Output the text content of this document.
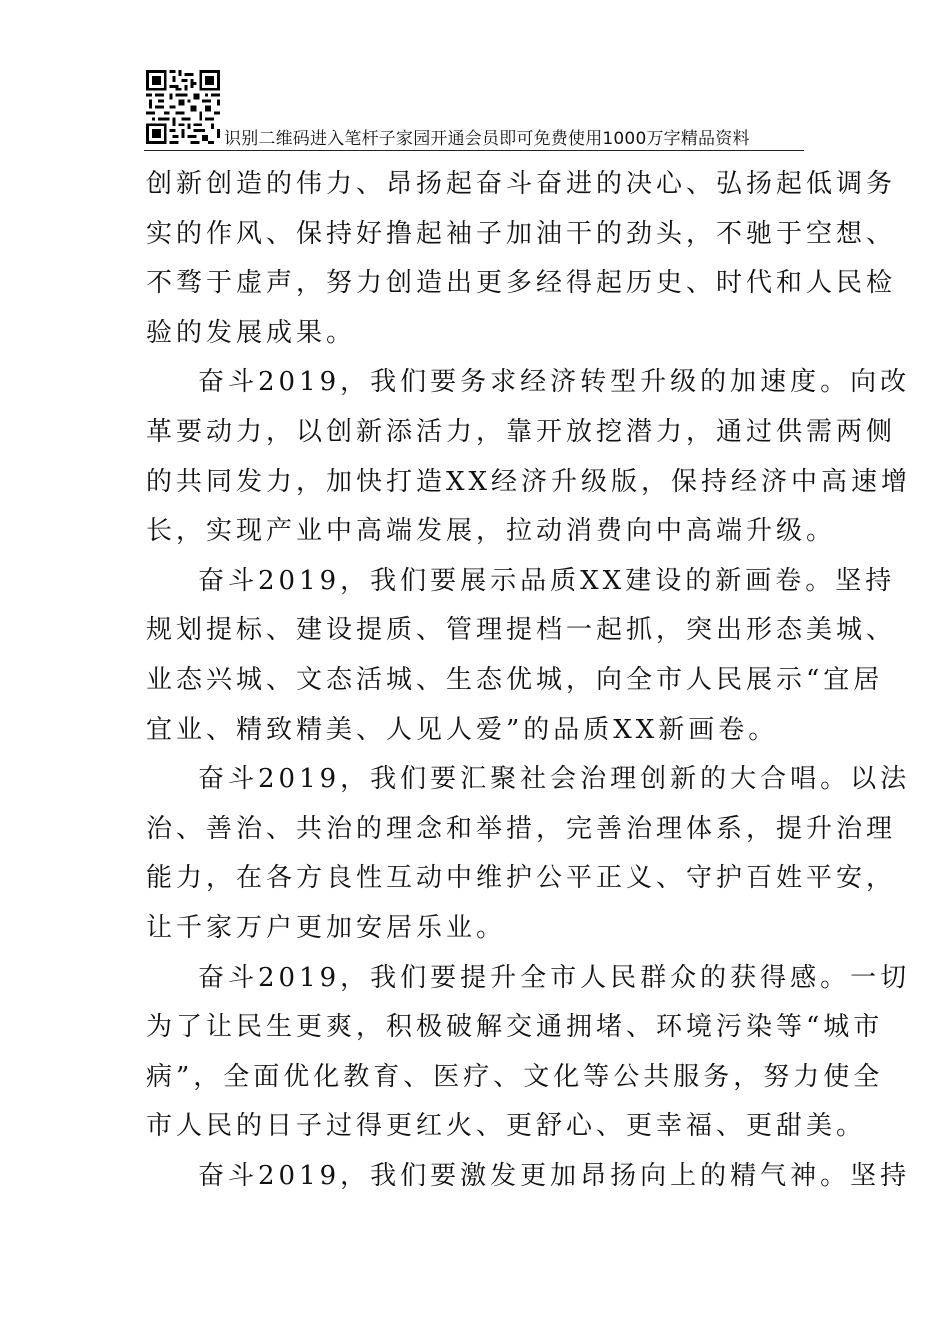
识别二维码进入笔杆子家园开通会员即可免费使用1000万字精品资料
创新创造的伟力、昂扬起奋斗奋进的决心、弘扬起低调务
实的作风、保持好撸起袖子加油干的劲头，不驰于空想、
不骛于虚声，努力创造出更多经得起历史、时代和人民检
验的发展成果。
奋斗2019，我们要务求经济转型升级的加速度。向改
革要动力，以创新添活力，靠开放挖潜力，通过供需两侧
的共同发力，加快打造XX经济升级版，保持经济中高速增
长，实现产业中高端发展，拉动消费向中高端升级。
奋斗2019，我们要展示品质XX建设的新画卷。坚持
规划提标、建设提质、管理提档一起抓，突出形态美城、
业态兴城、文态活城、生态优城，向全市人民展示“宜居
宜业、精致精美、人见人爱”的品质XX新画卷。
奋斗2019，我们要汇聚社会治理创新的大合唱。以法
治、善治、共治的理念和举措，完善治理体系，提升治理
能力，在各方良性互动中维护公平正义、守护百姓平安，
让千家万户更加安居乐业。
奋斗2019，我们要提升全市人民群众的获得感。一切
为了让民生更爽，积极破解交通拥堵、环境污染等“城市
病”，全面优化教育、医疗、文化等公共服务，努力使全
市人民的日子过得更红火、更舒心、更幸福、更甜美。
奋斗2019，我们要激发更加昂扬向上的精气神。坚持
